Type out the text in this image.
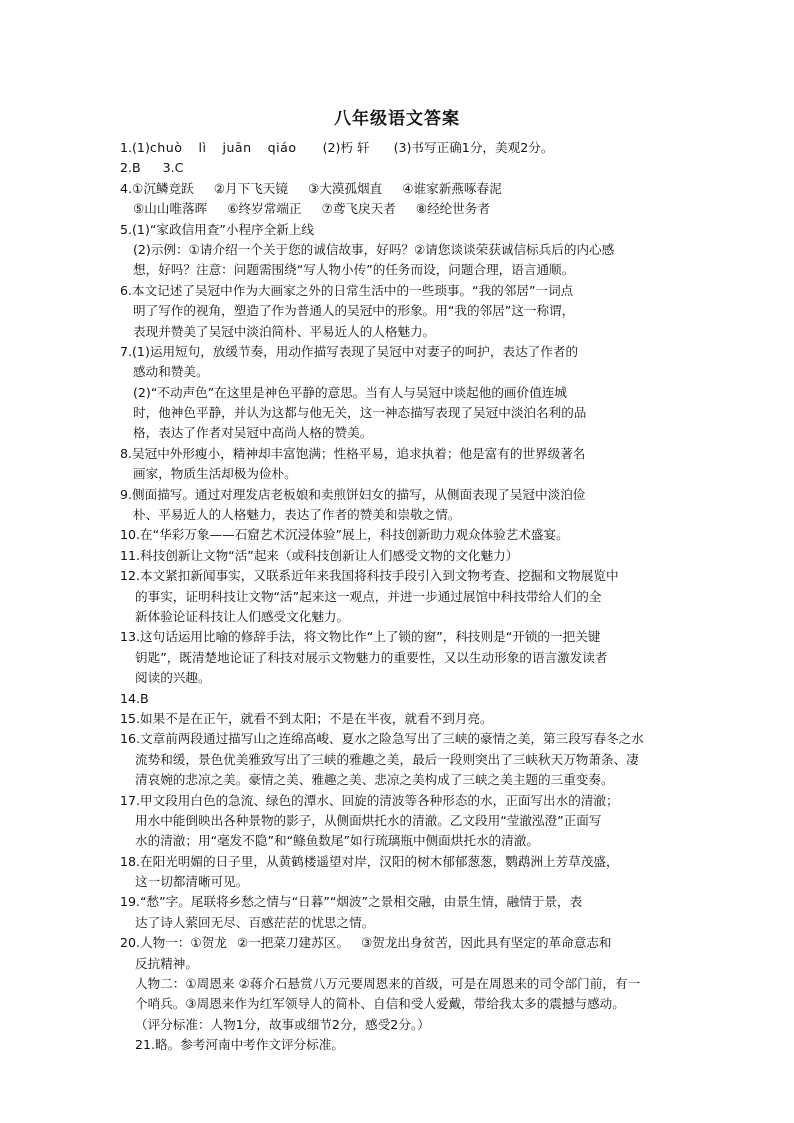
八年级语文答案
1.(1)chuò lì juān qiáo (2)朽 轩 (3)书写正确1分，美观2分。
2.B 3.C
4.①沉鳞竞跃 ②月下飞天镜 ③大漠孤烟直 ④谁家新燕啄春泥
⑤山山唯落晖 ⑥终岁常端正 ⑦鸢飞戾天者 ⑧经纶世务者
5.(1)“家政信用查”小程序全新上线
(2)示例：①请介绍一个关于您的诚信故事，好吗？②请您谈谈荣获诚信标兵后的内心感
想，好吗？注意：问题需围绕“写人物小传”的任务而设，问题合理，语言通顺。
6.本文记述了吴冠中作为大画家之外的日常生活中的一些琐事。“我的邻居”一词点
明了写作的视角，塑造了作为普通人的吴冠中的形象。用“我的邻居”这一称谓，
表现并赞美了吴冠中淡泊简朴、平易近人的人格魅力。
7.(1)运用短句，放缓节奏，用动作描写表现了吴冠中对妻子的呵护，表达了作者的
感动和赞美。
(2)“不动声色”在这里是神色平静的意思。当有人与吴冠中谈起他的画价值连城
时，他神色平静，并认为这都与他无关，这一神态描写表现了吴冠中淡泊名利的品
格，表达了作者对吴冠中高尚人格的赞美。
8.吴冠中外形瘦小，精神却丰富饱满；性格平易，追求执着；他是富有的世界级著名
画家，物质生活却极为俭朴。
9.侧面描写。通过对理发店老板娘和卖煎饼妇女的描写，从侧面表现了吴冠中淡泊俭
朴、平易近人的人格魅力，表达了作者的赞美和崇敬之情。
10.在“华彩万象——石窟艺术沉浸体验”展上，科技创新助力观众体验艺术盛宴。
11.科技创新让文物“活”起来（或科技创新让人们感受文物的文化魅力）
12.本文紧扣新闻事实，又联系近年来我国将科技手段引入到文物考查、挖掘和文物展览中
的事实，证明科技让文物“活”起来这一观点，并进一步通过展馆中科技带给人们的全
新体验论证科技让人们感受文化魅力。
13.这句话运用比喻的修辞手法，将文物比作“上了锁的窗”，科技则是“开锁的一把关键
钥匙”，既清楚地论证了科技对展示文物魅力的重要性，又以生动形象的语言激发读者
阅读的兴趣。
14.B
15.如果不是在正午，就看不到太阳；不是在半夜，就看不到月亮。
16.文章前两段通过描写山之连绵高峻、夏水之险急写出了三峡的豪情之美，第三段写春冬之水
流势和缓，景色优美雅致写出了三峡的雅趣之美，最后一段则突出了三峡秋天万物萧条、凄
清哀婉的悲凉之美。豪情之美、雅趣之美、悲凉之美构成了三峡之美主题的三重变奏。
17.甲文段用白色的急流、绿色的潭水、回旋的清波等各种形态的水，正面写出水的清澈；
用水中能倒映出各种景物的影子，从侧面烘托水的清澈。乙文段用“莹澈泓澄”正面写
水的清澈；用“毫发不隐”和“鲦鱼数尾”如行琉璃瓶中侧面烘托水的清澈。
18.在阳光明媚的日子里，从黄鹤楼遥望对岸，汉阳的树木郁郁葱葱，鹦鹉洲上芳草茂盛，
这一切都清晰可见。
19.“愁”字。尾联将乡愁之情与“日暮”“烟波”之景相交融，由景生情，融情于景，表
达了诗人萦回无尽、百感茫茫的忧思之情。
20.人物一：①贺龙 ②一把菜刀建苏区。 ③贺龙出身贫苦，因此具有坚定的革命意志和
反抗精神。
人物二：①周恩来 ②蒋介石悬赏八万元要周恩来的首级，可是在周恩来的司令部门前，有一
个哨兵。③周恩来作为红军领导人的简朴、自信和受人爱戴，带给我太多的震撼与感动。
（评分标准：人物1分，故事或细节2分，感受2分。）
21.略。参考河南中考作文评分标准。
